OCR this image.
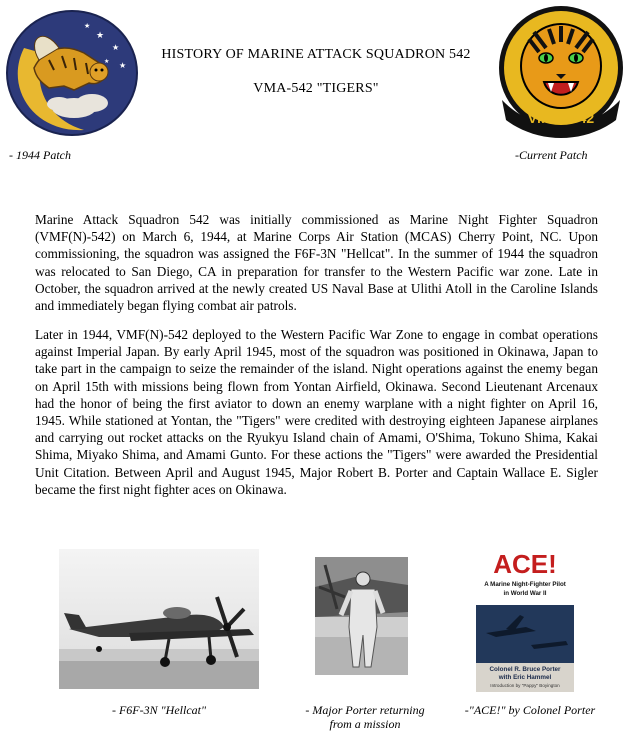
★
★
★
★
★	HISTORY OF MARINE ATTACK SQUADRON 542
VMA-542 "TIGERS"
VMA - 542
- 1944 Patch	-Current Patch

Marine Attack Squadron 542 was initially commissioned as Marine Night Fighter Squadron (VMF(N)-542) on March 6, 1944, at Marine Corps Air Station (MCAS) Cherry Point, NC. Upon commissioning, the squadron was assigned the F6F-3N "Hellcat". In the summer of 1944 the squadron was relocated to San Diego, CA in preparation for transfer to the Western Pacific war zone. Late in October, the squadron arrived at the newly created US Naval Base at Ulithi Atoll in the Caroline Islands and immediately began flying combat air patrols.

Later in 1944, VMF(N)-542 deployed to the Western Pacific War Zone to engage in combat operations against Imperial Japan. By early April 1945, most of the squadron was positioned in Okinawa, Japan to take part in the campaign to seize the remainder of the island. Night operations against the enemy began on April 15th with missions being flown from Yontan Airfield, Okinawa. Second Lieutenant Arcenaux had the honor of being the first aviator to down an enemy warplane with a night fighter on April 16, 1945. While stationed at Yontan, the "Tigers" were credited with destroying eighteen Japanese airplanes and carrying out rocket attacks on the Ryukyu Island chain of Amami, O'Shima, Tokuno Shima, Kakai Shima, Miyako Shima, and Amami Gunto. For these actions the "Tigers" were awarded the Presidential Unit Citation. Between April and August 1945, Major Robert B. Porter and Captain Wallace E. Sigler became the first night fighter aces on Okinawa.

ACE!
A Marine Night-Fighter Pilot
in World War II
Colonel R. Bruce Porter
with Eric Hammel
Introduction by "Pappy" Boyington
- F6F-3N "Hellcat"	- Major Porter returning
from a mission
-"ACE!" by Colonel Porter
